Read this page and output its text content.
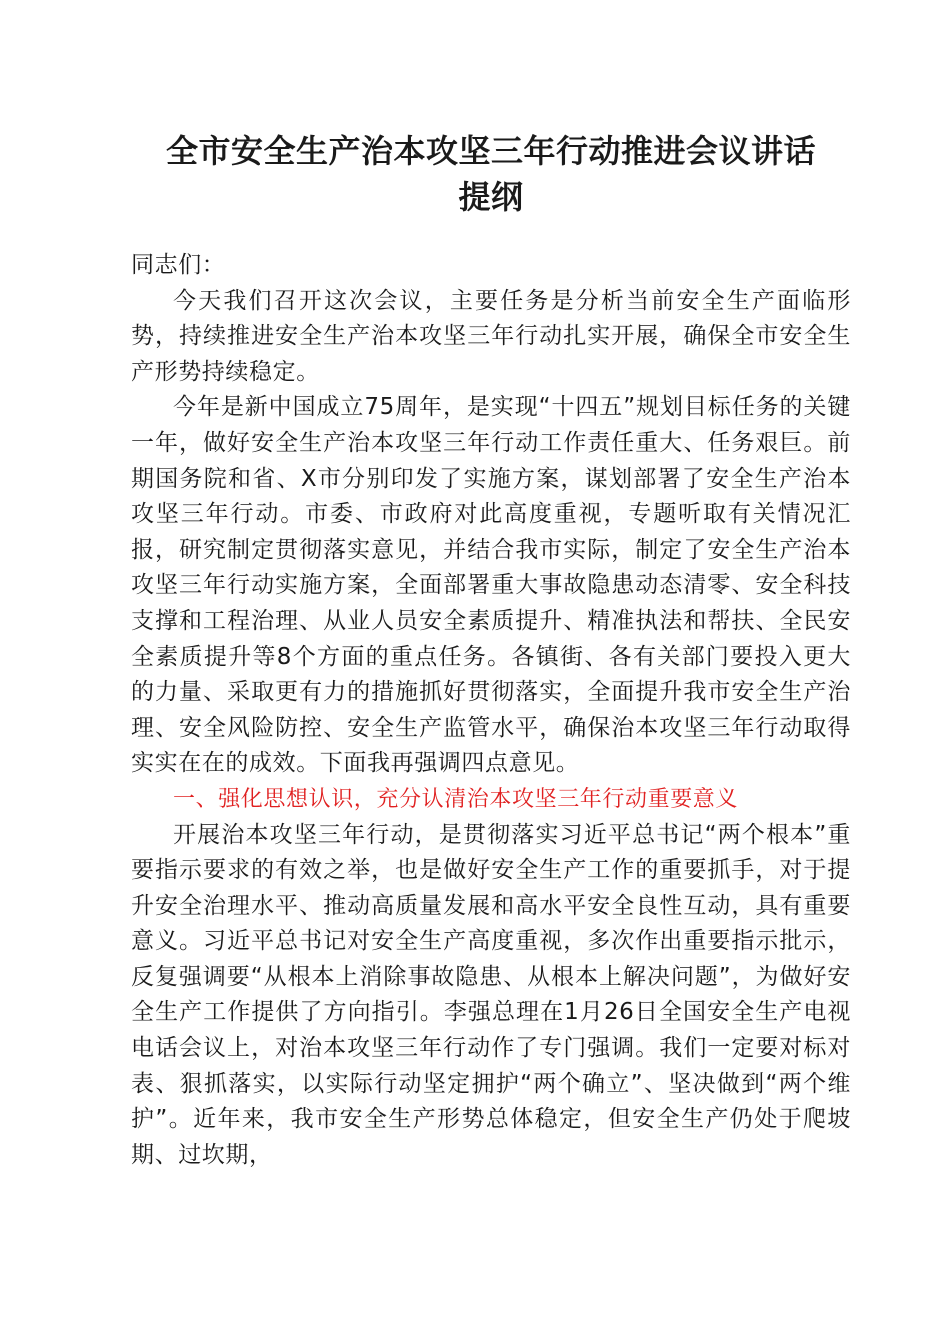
全市安全生产治本攻坚三年行动推进会议讲话
提纲

同志们：

今天我们召开这次会议，主要任务是分析当前安全生产面临形势，持续推进安全生产治本攻坚三年行动扎实开展，确保全市安全生产形势持续稳定。

今年是新中国成立75周年，是实现“十四五”规划目标任务的关键一年，做好安全生产治本攻坚三年行动工作责任重大、任务艰巨。前期国务院和省、X市分别印发了实施方案，谋划部署了安全生产治本攻坚三年行动。市委、市政府对此高度重视，专题听取有关情况汇报，研究制定贯彻落实意见，并结合我市实际，制定了安全生产治本攻坚三年行动实施方案，全面部署重大事故隐患动态清零、安全科技支撑和工程治理、从业人员安全素质提升、精准执法和帮扶、全民安全素质提升等8个方面的重点任务。各镇街、各有关部门要投入更大的力量、采取更有力的措施抓好贯彻落实，全面提升我市安全生产治理、安全风险防控、安全生产监管水平，确保治本攻坚三年行动取得实实在在的成效。下面我再强调四点意见。

一、强化思想认识，充分认清治本攻坚三年行动重要意义

开展治本攻坚三年行动，是贯彻落实习近平总书记“两个根本”重要指示要求的有效之举，也是做好安全生产工作的重要抓手，对于提升安全治理水平、推动高质量发展和高水平安全良性互动，具有重要意义。习近平总书记对安全生产高度重视，多次作出重要指示批示，反复强调要“从根本上消除事故隐患、从根本上解决问题”，为做好安全生产工作提供了方向指引。李强总理在1月26日全国安全生产电视电话会议上，对治本攻坚三年行动作了专门强调。我们一定要对标对表、狠抓落实，以实际行动坚定拥护“两个确立”、坚决做到“两个维护”。近年来，我市安全生产形势总体稳定，但安全生产仍处于爬坡期、过坎期，
